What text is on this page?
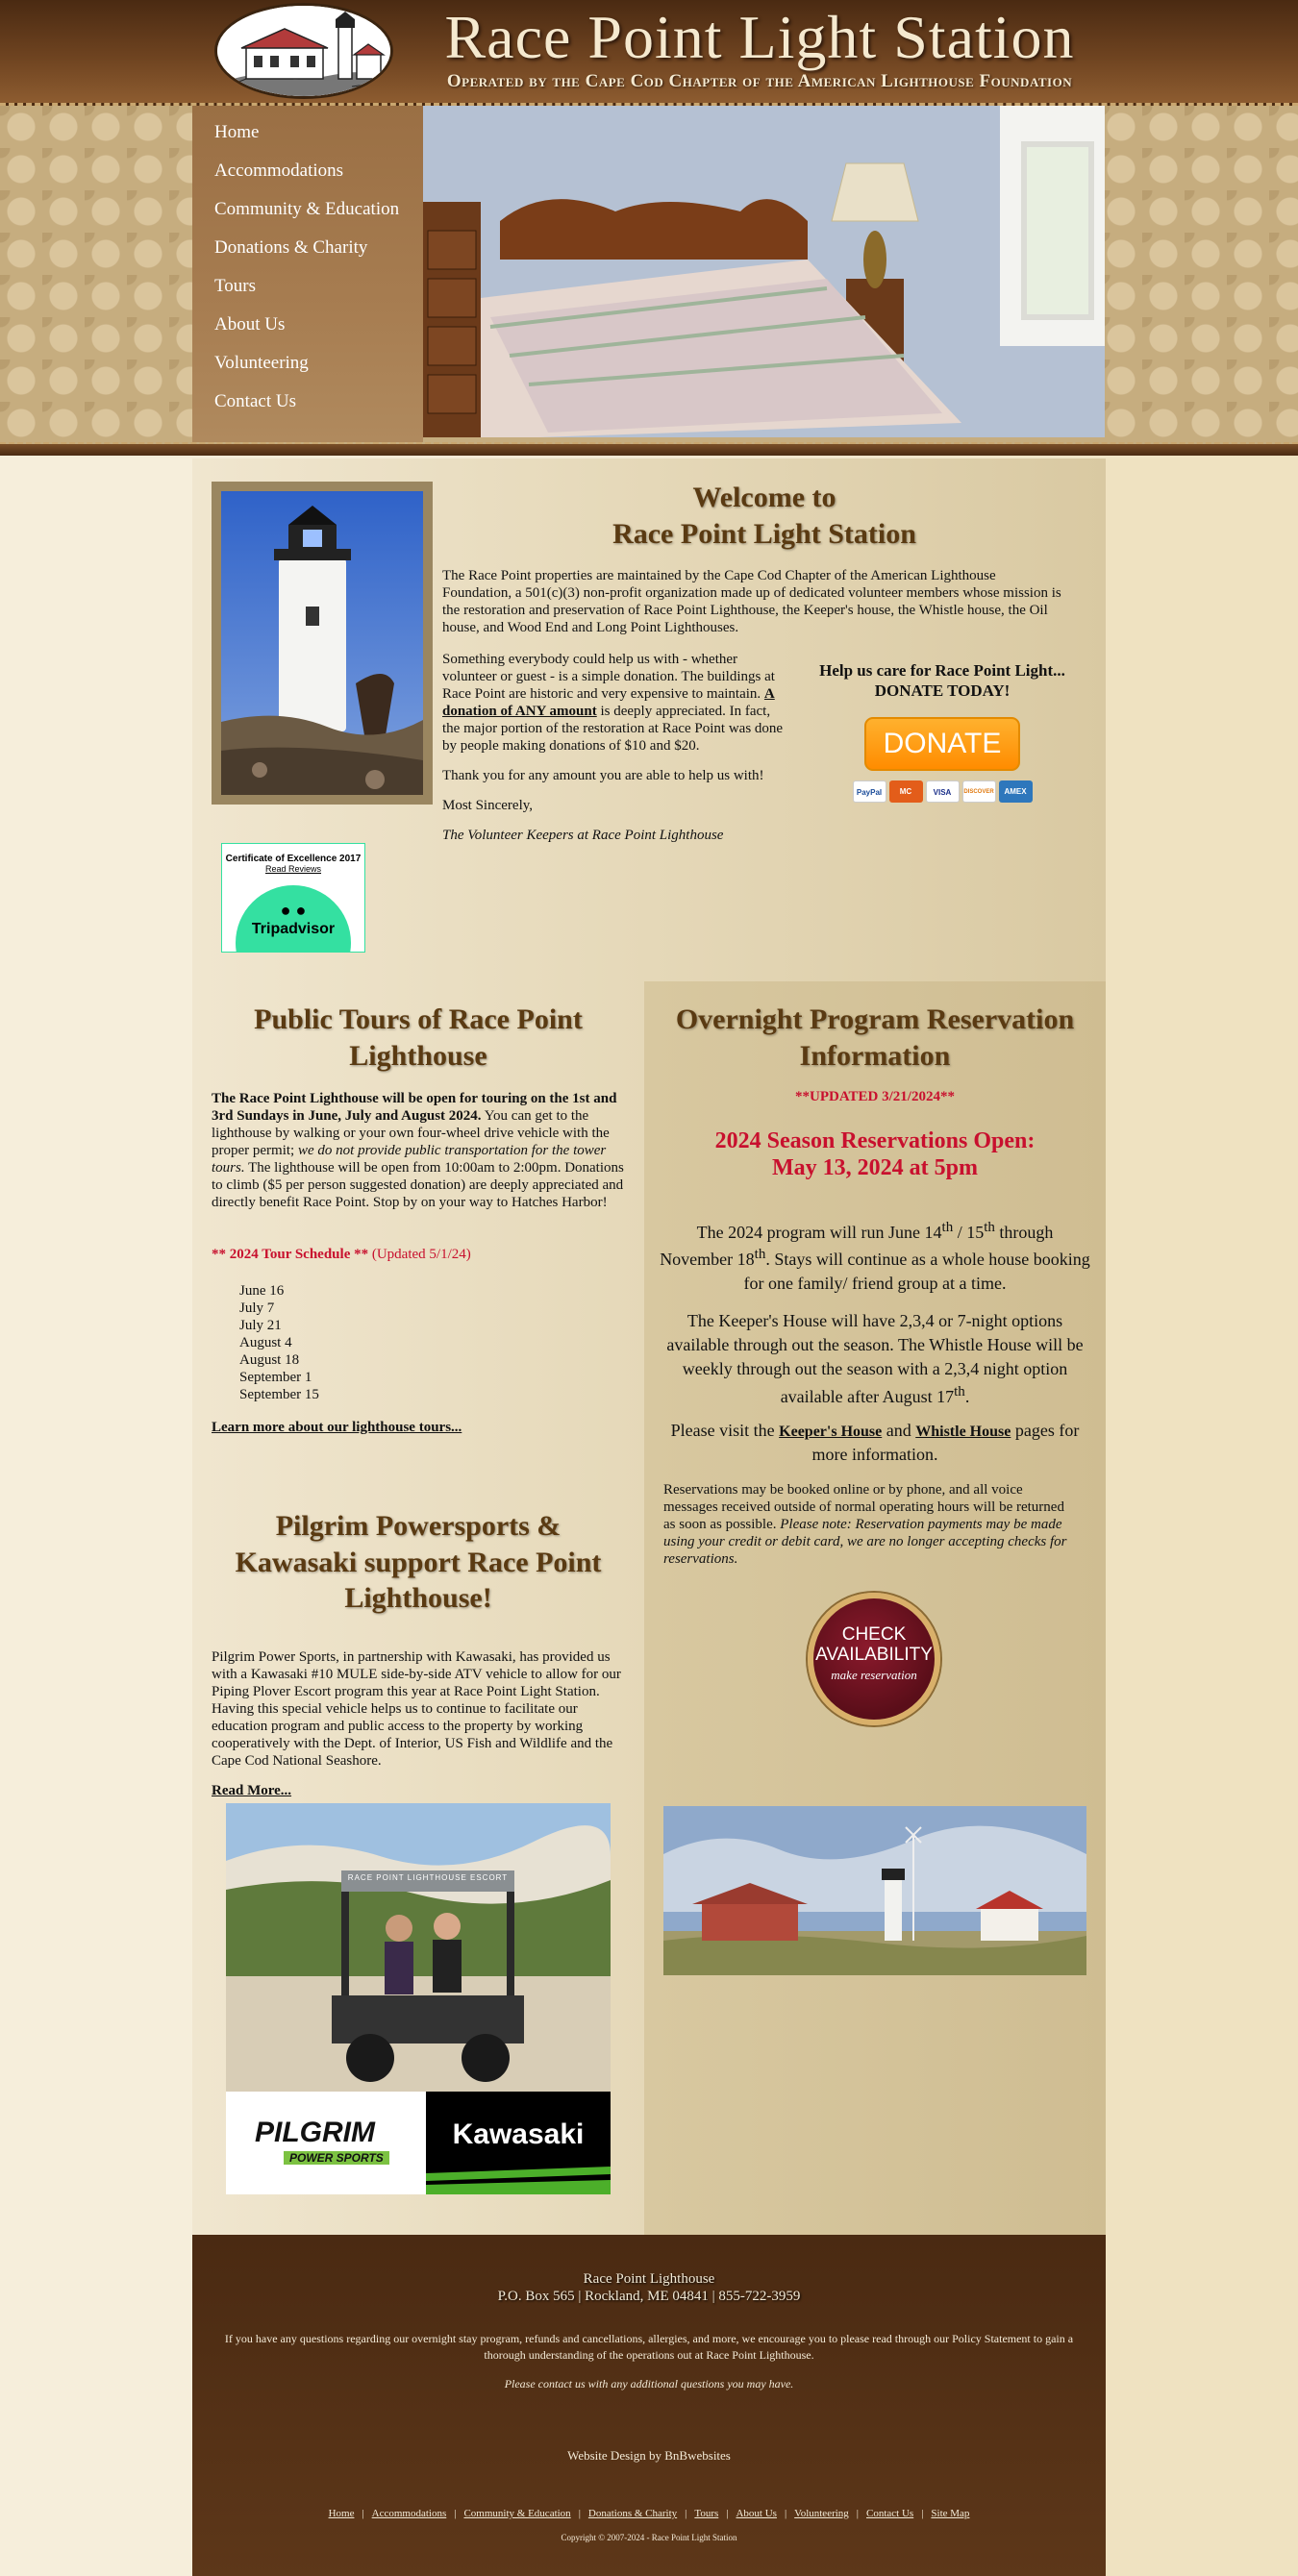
Race Point Light Station
Operated by the Cape Cod Chapter of the American Lighthouse Foundation
Home
Accommodations
Community & Education
Donations & Charity
Tours
About Us
Volunteering
Contact Us
Certificate of Excellence 2017
Read Reviews
● ●
Tripadvisor
Welcome to
Race Point Light Station

The Race Point properties are maintained by the Cape Cod Chapter of the American Lighthouse Foundation, a 501(c)(3) non-profit organization made up of dedicated volunteer members whose mission is the restoration and preservation of Race Point Lighthouse, the Keeper's house, the Whistle house, the Oil house, and Wood End and Long Point Lighthouses.

Something everybody could help us with - whether volunteer or guest - is a simple donation. The buildings at Race Point are historic and very expensive to maintain. A donation of ANY amount is deeply appreciated. In fact, the major portion of the restoration at Race Point was done by people making donations of $10 and $20.

Thank you for any amount you are able to help us with!

Most Sincerely,

The Volunteer Keepers at Race Point Lighthouse

Help us care for Race Point Light...
DONATE TODAY!
DONATE
PayPal	MC	VISA	DISCOVER	AMEX
Public Tours of Race Point Lighthouse

The Race Point Lighthouse will be open for touring on the 1st and 3rd Sundays in June, July and August 2024. You can get to the lighthouse by walking or your own four-wheel drive vehicle with the proper permit; we do not provide public transportation for the tower tours. The lighthouse will be open from 10:00am to 2:00pm. Donations to climb ($5 per person suggested donation) are deeply appreciated and directly benefit Race Point. Stop by on your way to Hatches Harbor!

** 2024 Tour Schedule ** (Updated 5/1/24)
June 16
July 7
July 21
August 4
August 18
September 1
September 15
Learn more about our lighthouse tours...
Pilgrim Powersports & Kawasaki support Race Point Lighthouse!

Pilgrim Power Sports, in partnership with Kawasaki, has provided us with a Kawasaki #10 MULE side-by-side ATV vehicle to allow for our Piping Plover Escort program this year at Race Point Light Station. Having this special vehicle helps us to continue to facilitate our education program and public access to the property by working cooperatively with the Dept. of Interior, US Fish and Wildlife and the Cape Cod National Seashore.

Read More...
RACE POINT LIGHTHOUSE ESCORT
PILGRIM
POWER SPORTS
Kawasaki
Overnight Program Reservation Information
**UPDATED 3/21/2024**
2024 Season Reservations Open:
May 13, 2024 at 5pm

The 2024 program will run June 14th / 15th through November 18th. Stays will continue as a whole house booking for one family/ friend group at a time.

The Keeper's House will have 2,3,4 or 7-night options available through out the season. The Whistle House will be weekly through out the season with a 2,3,4 night option available after August 17th.

Please visit the Keeper's House and Whistle House pages for more information.

Reservations may be booked online or by phone, and all voice messages received outside of normal operating hours will be returned as soon as possible. Please note: Reservation payments may be made using your credit or debit card, we are no longer accepting checks for reservations.

CHECK
AVAILABILITY
make reservation
Race Point Lighthouse
P.O. Box 565 | Rockland, ME 04841 | 855-722-3959

If you have any questions regarding our overnight stay program, refunds and cancellations, allergies, and more, we encourage you to please read through our Policy Statement to gain a thorough understanding of the operations out at Race Point Lighthouse.

Please contact us with any additional questions you may have.

Website Design by BnBwebsites
Home | Accommodations | Community & Education | Donations & Charity | Tours | About Us | Volunteering | Contact Us | Site Map
Copyright © 2007-2024 - Race Point Light Station
